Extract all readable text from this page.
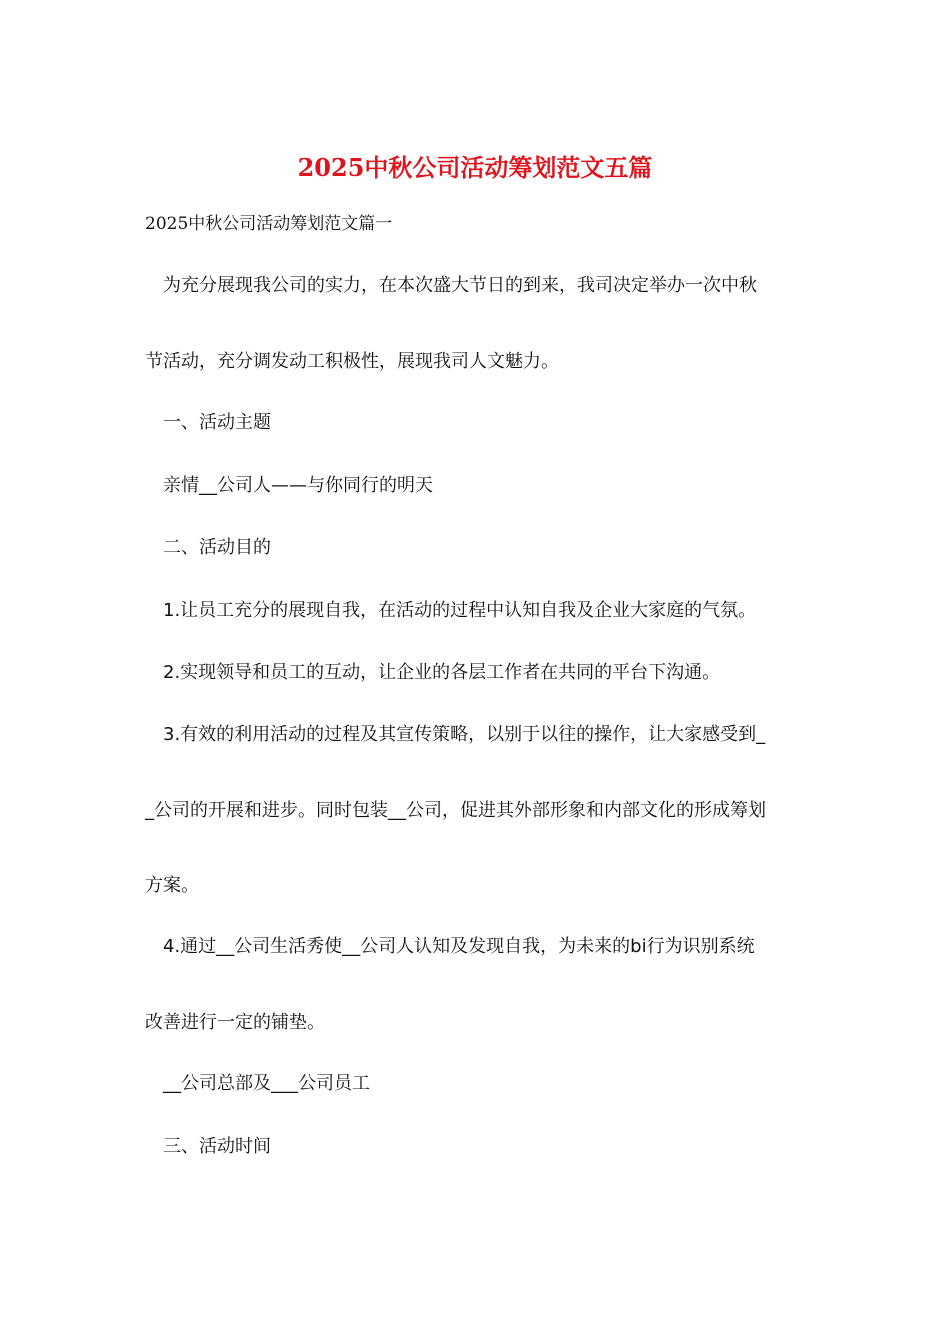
2025中秋公司活动筹划范文五篇
2025中秋公司活动筹划范文篇一
为充分展现我公司的实力，在本次盛大节日的到来，我司决定举办一次中秋
节活动，充分调发动工积极性，展现我司人文魅力。
一、活动主题
亲情__公司人——与你同行的明天
二、活动目的
1.让员工充分的展现自我，在活动的过程中认知自我及企业大家庭的气氛。
2.实现领导和员工的互动，让企业的各层工作者在共同的平台下沟通。
3.有效的利用活动的过程及其宣传策略，以别于以往的操作，让大家感受到_
_公司的开展和进步。同时包装__公司，促进其外部形象和内部文化的形成筹划
方案。
4.通过__公司生活秀使__公司人认知及发现自我，为未来的bi行为识别系统
改善进行一定的铺垫。
__公司总部及___公司员工
三、活动时间
